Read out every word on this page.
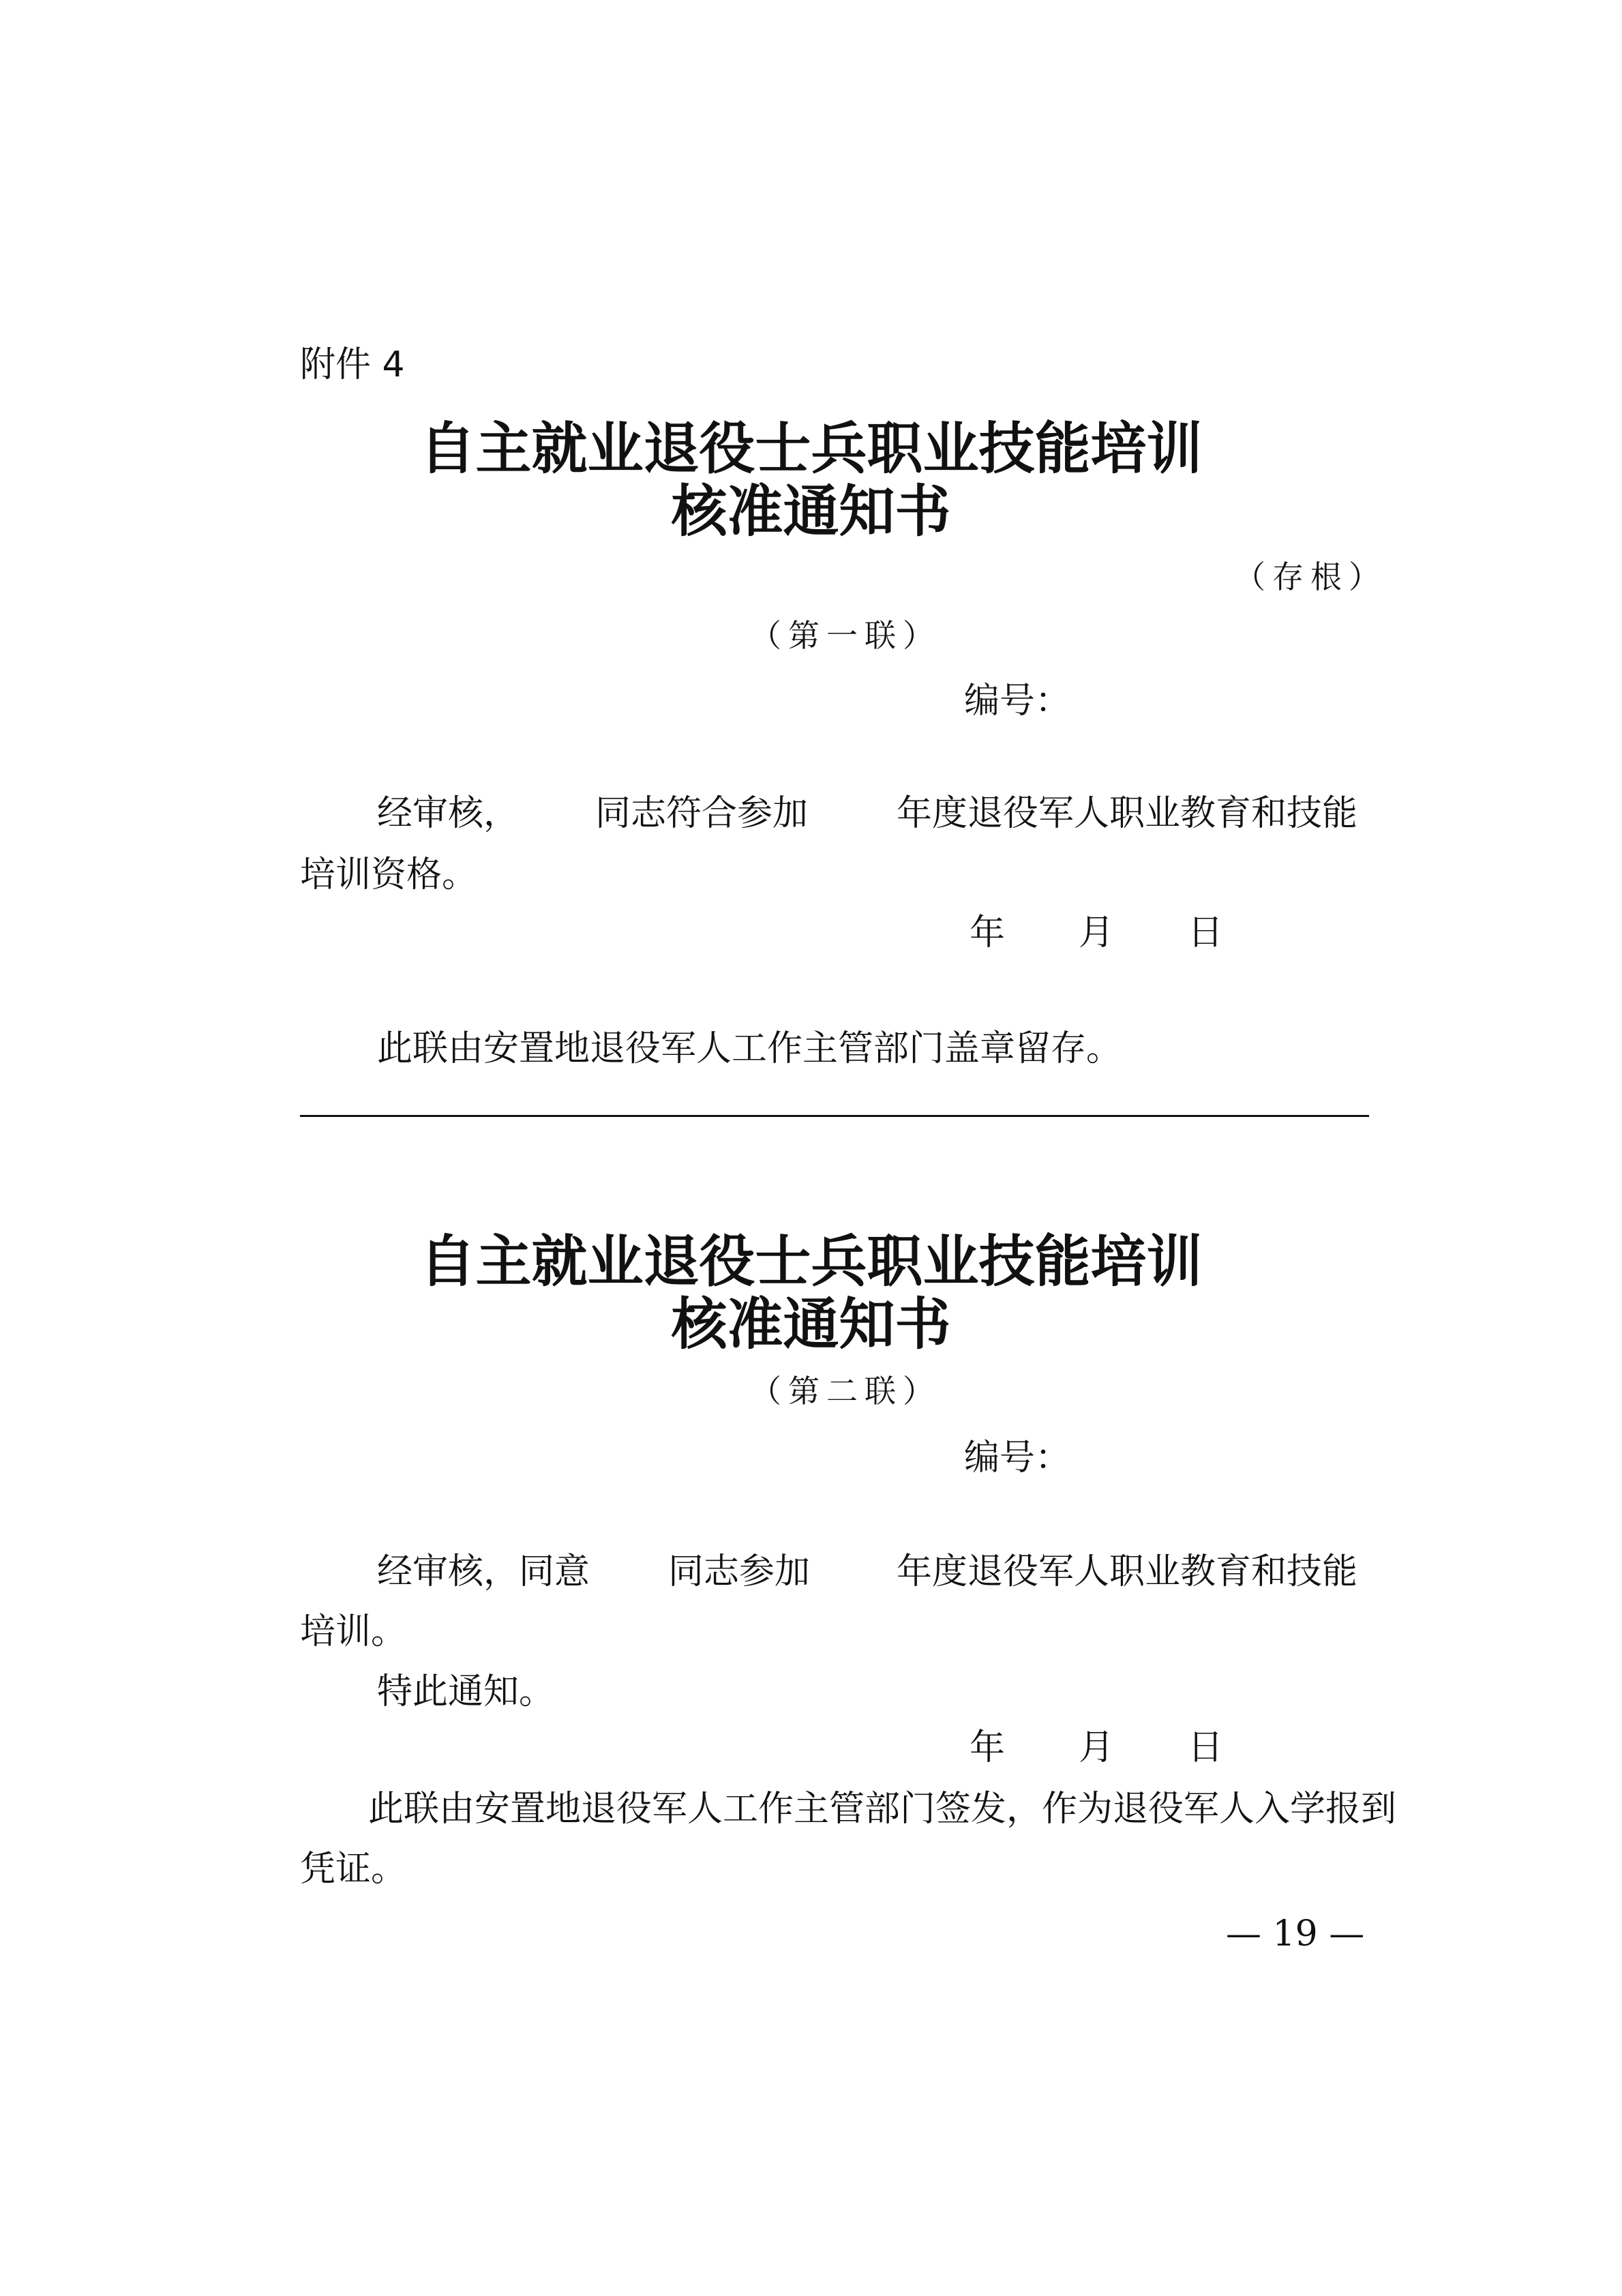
附件 4
自主就业退役士兵职业技能培训
核准通知书
（存根）
（第一联）
编号：
经审核， 同志符合参加 年度退役军人职业教育和技能
培训资格。
年 月 日
此联由安置地退役军人工作主管部门盖章留存。
自主就业退役士兵职业技能培训
核准通知书
（第二联）
编号：
经审核，同意 同志参加 年度退役军人职业教育和技能
培训。
特此通知。
年 月 日
此联由安置地退役军人工作主管部门签发，作为退役军人入学报到
凭证。
— 19 —
